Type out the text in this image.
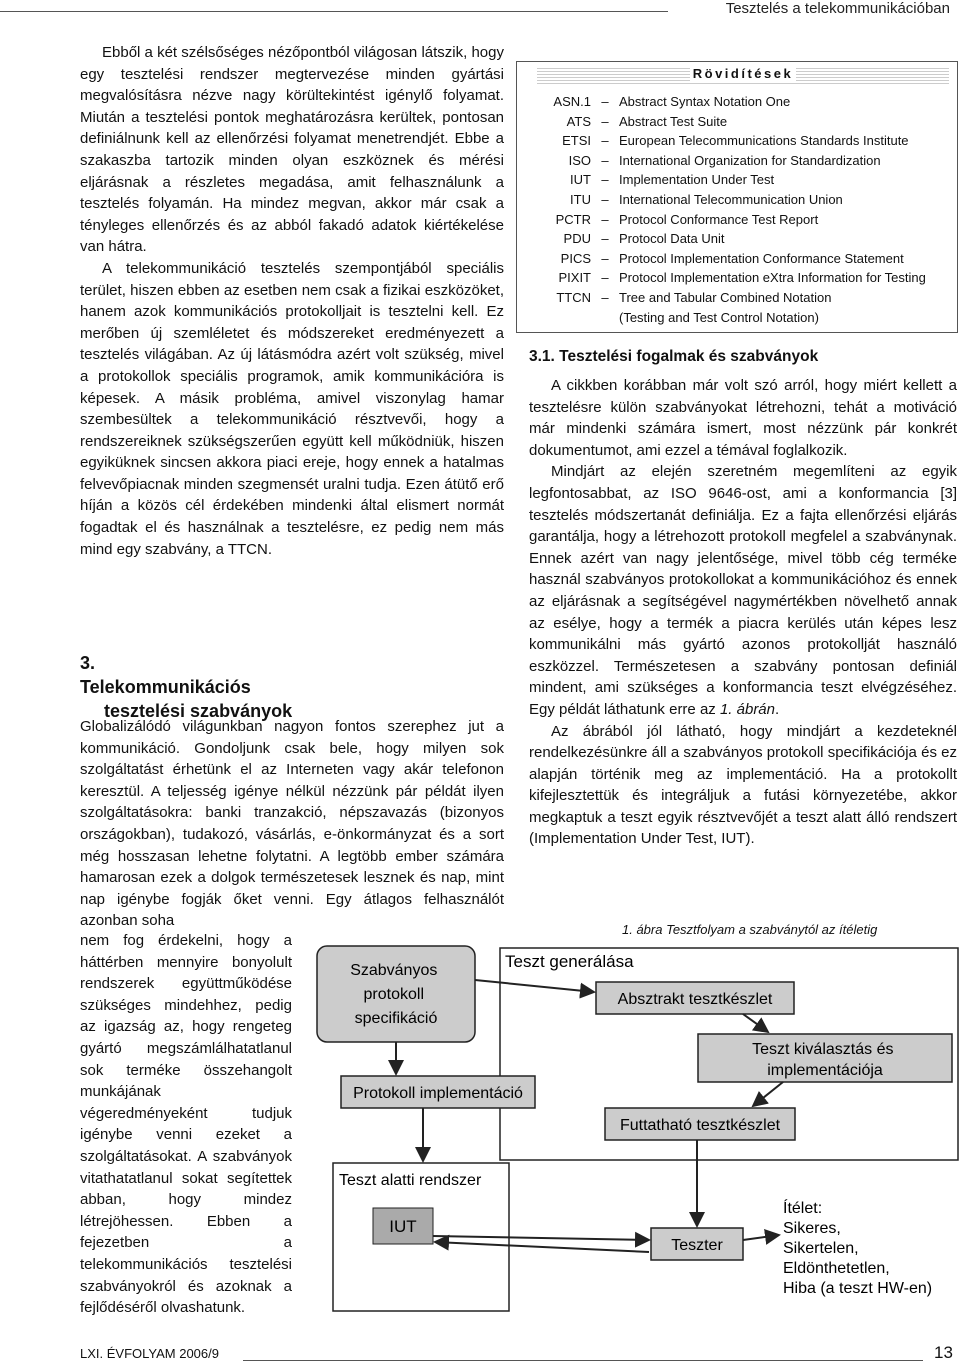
Tesztelés a telekommunikációban

Ebből a két szélsőséges nézőpontból világosan látszik, hogy egy tesztelési rendszer megtervezése minden gyártási megvalósításra nézve nagy körültekintést igénylő folyamat. Miután a tesztelési pontok meghatározásra kerültek, pontosan definiálnunk kell az ellenőrzési folyamat menetrendjét. Ebbe a szakaszba tartozik minden olyan eszköznek és mérési eljárásnak a részletes megadása, amit felhasználunk a tesztelés folyamán. Ha mindez megvan, akkor már csak a tényleges ellenőrzés és az abból fakadó adatok kiértékelése van hátra.

A telekommunikáció tesztelés szempontjából speciális terület, hiszen ebben az esetben nem csak a fizikai eszközöket, hanem azok kommunikációs protokolljait is tesztelni kell. Ez merőben új szemléletet és módszereket eredményezett a tesztelés világában. Az új látásmódra azért volt szükség, mivel a protokollok speciális programok, amik kommunikációra is képesek. A másik probléma, amivel viszonylag hamar szembesültek a telekommunikáció résztvevői, hogy a rendszereiknek szükségszerűen együtt kell működniük, hiszen egyiküknek sincsen akkora piaci ereje, hogy ennek a hatalmas felvevőpiacnak minden szegmensét uralni tudja. Ezen átütő erő híján a közös cél érdekében mindenki által elismert normát fogadtak el és használnak a tesztelésre, ez pedig nem más mind egy szabvány, a TTCN.

3.
Telekommunikációs
tesztelési szabványok

Globalizálódó világunkban nagyon fontos szerephez jut a kommunikáció. Gondoljunk csak bele, hogy milyen sok szolgáltatást érhetünk el az Interneten vagy akár telefonon keresztül. A teljesség igénye nélkül nézzünk pár példát ilyen szolgáltatásokra: banki tranzakció, népszavazás (bizonyos országokban), tudakozó, vásárlás, e-önkormányzat és a sort még hosszasan lehetne folytatni. A legtöbb ember számára hamarosan ezek a dolgok természetesek lesznek és nap, mint nap igénybe fogják őket venni. Egy átlagos felhasználót azonban soha

nem fog érdekelni, hogy a háttérben mennyire bonyolult rendszerek együttműködése szükséges mindehhez, pedig az igazság az, hogy rengeteg gyártó megszámlálhatatlanul sok terméke összehangolt munkájának végeredményeként tudjuk igénybe venni ezeket a szolgáltatásokat. A szabványok vitathatatlanul sokat segítettek abban, hogy mindez létrejöhessen. Ebben a fejezetben a telekommunikációs tesztelési szabványokról és azoknak a fejlődéséről olvashatunk.

Rövidítések
ASN.1 – Abstract Syntax Notation One
ATS – Abstract Test Suite
ETSI – European Telecommunications Standards Institute
ISO – International Organization for Standardization
IUT – Implementation Under Test
ITU – International Telecommunication Union
PCTR – Protocol Conformance Test Report
PDU – Protocol Data Unit
PICS – Protocol Implementation Conformance Statement
PIXIT – Protocol Implementation eXtra Information for Testing
TTCN – Tree and Tabular Combined Notation
(Testing and Test Control Notation)
3.1. Tesztelési fogalmak és szabványok

A cikkben korábban már volt szó arról, hogy miért kellett a tesztelésre külön szabványokat létrehozni, tehát a motiváció már mindenki számára ismert, most nézzünk pár konkrét dokumentumot, ami ezzel a témával foglalkozik.

Mindjárt az elején szeretném megemlíteni az egyik legfontosabbat, az ISO 9646-ost, ami a konformancia [3] tesztelés módszertanát definiálja. Ez a fajta ellenőrzési eljárás garantálja, hogy a létrehozott protokoll megfelel a szabványnak. Ennek azért van nagy jelentősége, mivel több cég terméke használ szabványos protokollokat a kommunikációhoz és ennek az eljárásnak a segítségével nagymértékben növelhető annak az esélye, hogy a termék a piacra kerülés után képes lesz kommunikálni más gyártó azonos protokollját használó eszközzel. Természetesen a szabvány pontosan definiál mindent, ami szükséges a konformancia teszt elvégzéséhez. Egy példát láthatunk erre az 1. ábrán.

Az ábrából jól látható, hogy mindjárt a kezdeteknél rendelkezésünkre áll a szabványos protokoll specifikációja és ez alapján történik meg az implementáció. Ha a protokollt kifejlesztettük és integráljuk a futási környezetébe, akkor megkaptuk a teszt egyik résztvevőjét a teszt alatt álló rendszert (Implementation Under Test, IUT).

1. ábra Tesztfolyam a szabványtól az ítéletig
Teszt generálása
Szabványos protokoll specifikáció
Absztrakt tesztkészlet
Teszt kiválasztás és implementációja
Protokoll implementáció
Futtatható tesztkészlet
Teszt alatti rendszer
IUT
Teszter
Ítélet: Sikeres, Sikertelen, Eldönthetetlen, Hiba (a teszt HW-en)
LXI. ÉVFOLYAM 2006/9	13
